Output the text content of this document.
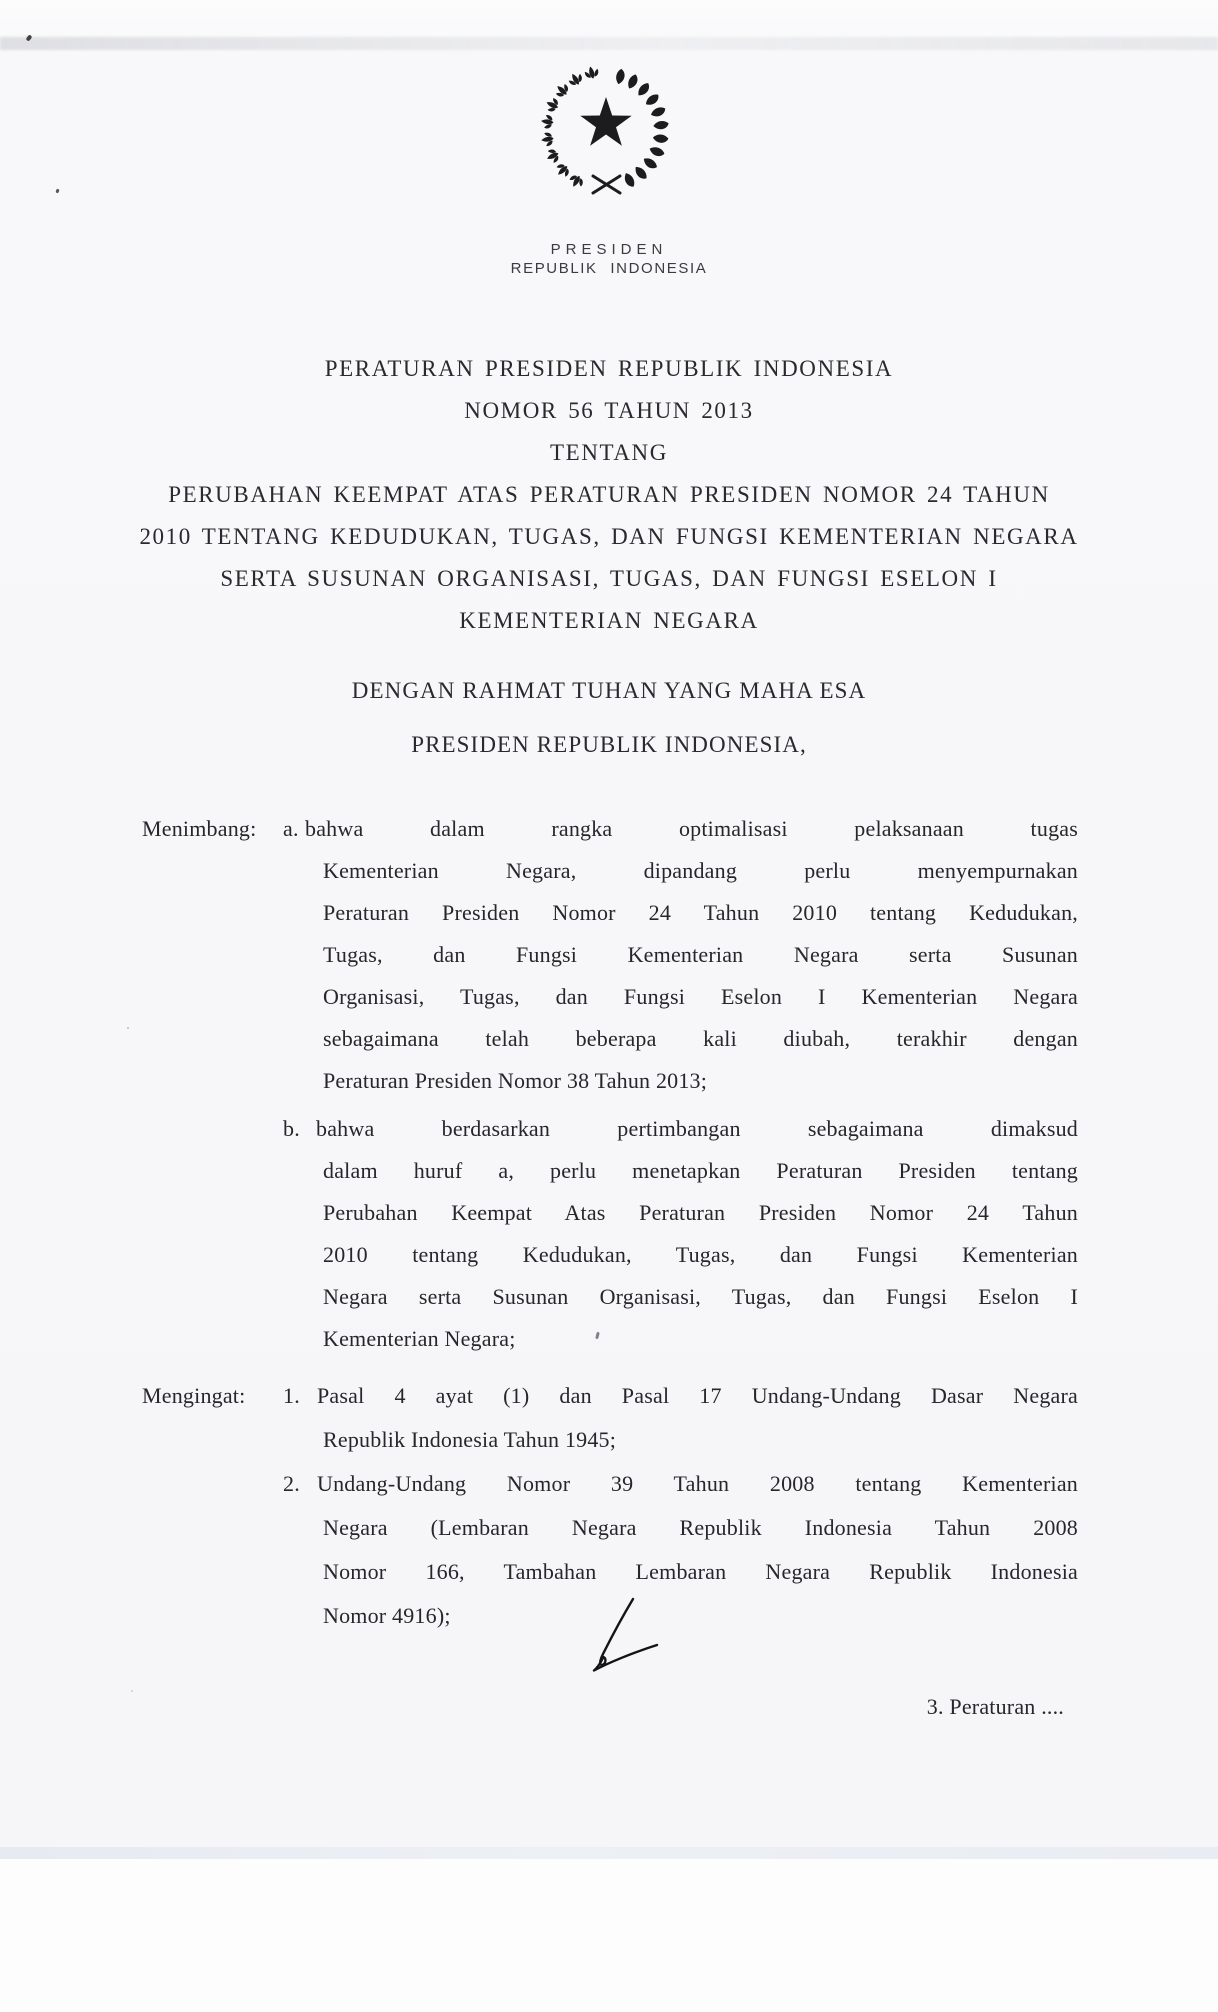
PRESIDEN
REPUBLIK INDONESIA
PERATURAN PRESIDEN REPUBLIK INDONESIA
NOMOR 56 TAHUN 2013
TENTANG
PERUBAHAN KEEMPAT ATAS PERATURAN PRESIDEN NOMOR 24 TAHUN
2010 TENTANG KEDUDUKAN, TUGAS, DAN FUNGSI KEMENTERIAN NEGARA
SERTA SUSUNAN ORGANISASI, TUGAS, DAN FUNGSI ESELON I
KEMENTERIAN NEGARA
DENGAN RAHMAT TUHAN YANG MAHA ESA
PRESIDEN REPUBLIK INDONESIA,
Menimbang: a. bahwa dalam rangka optimalisasi pelaksanaan tugas
Kementerian Negara, dipandang perlu menyempurnakan
Peraturan Presiden Nomor 24 Tahun 2010 tentang Kedudukan,
Tugas, dan Fungsi Kementerian Negara serta Susunan
Organisasi, Tugas, dan Fungsi Eselon I Kementerian Negara
sebagaimana telah beberapa kali diubah, terakhir dengan
Peraturan Presiden Nomor 38 Tahun 2013;
b. bahwa berdasarkan pertimbangan sebagaimana dimaksud
dalam huruf a, perlu menetapkan Peraturan Presiden tentang
Perubahan Keempat Atas Peraturan Presiden Nomor 24 Tahun
2010 tentang Kedudukan, Tugas, dan Fungsi Kementerian
Negara serta Susunan Organisasi, Tugas, dan Fungsi Eselon I
Kementerian Negara;
Mengingat: 1. Pasal 4 ayat (1) dan Pasal 17 Undang-Undang Dasar Negara
Republik Indonesia Tahun 1945;
2. Undang-Undang Nomor 39 Tahun 2008 tentang Kementerian
Negara (Lembaran Negara Republik Indonesia Tahun 2008
Nomor 166, Tambahan Lembaran Negara Republik Indonesia
Nomor 4916);
3. Peraturan ....
